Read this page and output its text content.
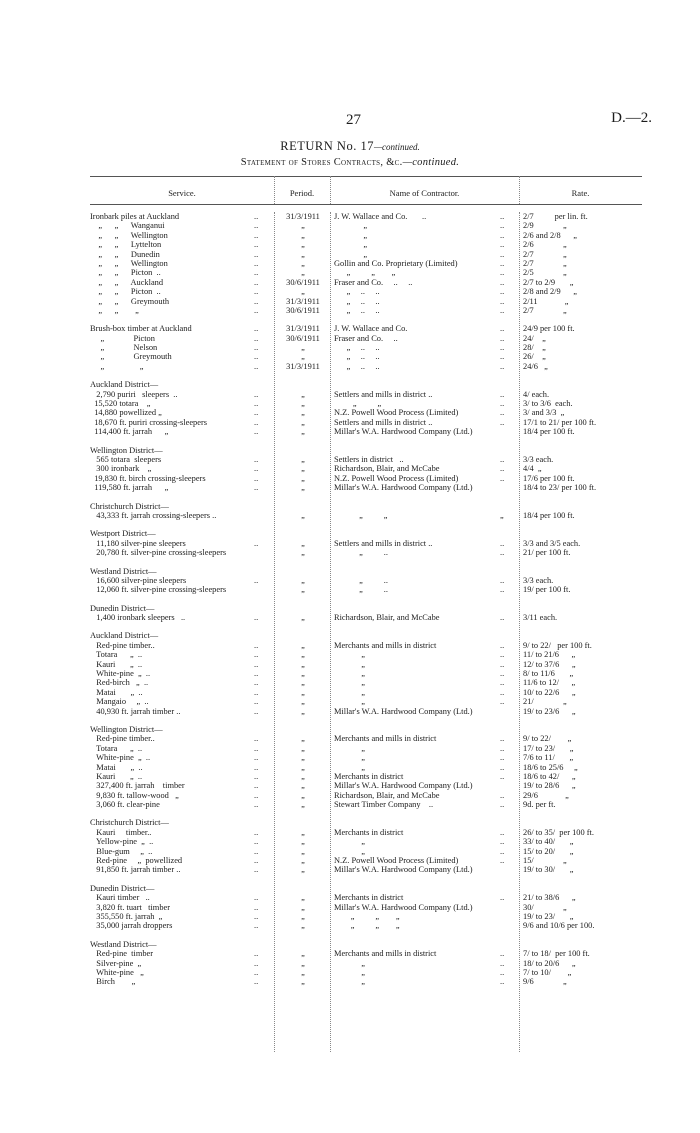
27	D.—2.
RETURN No. 17—continued.
Statement of Stores Contracts, &c.—continued.
Service.	Period.	Name of Contractor.	Rate.
Ironbark piles at Auckland	..	31/3/1911	J. W. Wallace and Co.       ..	..	2/7          per lin. ft.
„      „      Wanganui	..	„	„	..	2/9              „
„      „      Wellington	..	„	„	..	2/6 and 2/8      „
„      „      Lyttelton	..	„	„	..	2/6              „
„      „      Dunedin	..	„	„	..	2/7              „
„      „      Wellington	..	„	Gollin and Co. Proprietary (Limited)	..	2/7              „
„      „      Picton  ..	..	„	„          „        „	..	2/5              „
„      „      Auckland	..	30/6/1911	Fraser and Co.     ..     ..	..	2/7 to 2/9       „
„      „      Picton  ..	..	„	„     ..     ..	..	2/8 and 2/9      „
„      „      Greymouth	..	31/3/1911	„     ..     ..	..	2/11             „
„      „        „	..	30/6/1911	„     ..     ..	..	2/7              „
Brush-box timber at Auckland	..	31/3/1911	J. W. Wallace and Co.	..	24/9 per 100 ft.
„              Picton	..	30/6/1911	Fraser and Co.     ..	..	24/    „
„              Nelson	..	„	„     ..     ..	..	28/    „
„              Greymouth	..	„	„     ..     ..	..	26/    „
„                 „	..	31/3/1911	„     ..     ..	..	24/6   „
Auckland District—
2,790 puriri   sleepers  ..	..	„	Settlers and mills in district ..	..	4/ each.
15,520 totara    „	..	„	„          „	..	3/ to 3/6  each.
14,880 powellized „	..	„	N.Z. Powell Wood Process (Limited)	..	3/ and 3/3  „
18,670 ft. puriri crossing-sleepers	..	„	Settlers and mills in district ..	..	17/1 to 21/ per 100 ft.
114,400 ft. jarrah      „	..	„	Millar's W.A. Hardwood Company (Ltd.)	18/4 per 100 ft.
Wellington District—
565 totara  sleepers	..	„	Settlers in district   ..	..	3/3 each.
300 ironbark    „	..	„	Richardson, Blair, and McCabe	..	4/4  „
19,830 ft. birch crossing-sleepers	..	„	N.Z. Powell Wood Process (Limited)	..	17/6 per 100 ft.
119,580 ft. jarrah      „	..	„	Millar's W.A. Hardwood Company (Ltd.)	18/4 to 23/ per 100 ft.
Christchurch District—
43,333 ft. jarrah crossing-sleepers ..	„	„          „	„	18/4 per 100 ft.
Westport District—
11,180 silver-pine sleepers	..	„	Settlers and mills in district ..	..	3/3 and 3/5 each.
20,780 ft. silver-pine crossing-sleepers	„	„          ..	..	21/ per 100 ft.
Westland District—
16,600 silver-pine sleepers	..	„	„          ..	..	3/3 each.
12,060 ft. silver-pine crossing-sleepers	„	„          ..	..	19/ per 100 ft.
Dunedin District—
1,400 ironbark sleepers   ..	..	„	Richardson, Blair, and McCabe	..	3/11 each.
Auckland District—
Red-pine timber..	..	„	Merchants and mills in district	..	9/ to 22/   per 100 ft.
Totara      „  ..	..	„	„	..	11/ to 21/6      „
Kauri       „  ..	..	„	„	..	12/ to 37/6      „
White-pine  „  ..	..	„	„	..	8/ to 11/6       „
Red-birch   „  ..	..	„	„	..	11/6 to 12/      „
Matai       „  ..	..	„	„	..	10/ to 22/6      „
Mangaio     „  ..	..	„	„	..	21/              „
40,930 ft. jarrah timber ..	..	„	Millar's W.A. Hardwood Company (Ltd.)	19/ to 23/6      „
Wellington District—
Red-pine timber..	..	„	Merchants and mills in district	..	9/ to 22/        „
Totara      „  ..	..	„	„	..	17/ to 23/       „
White-pine  „  ..	..	„	„	..	7/6 to 11/       „
Matai       „  ..	..	„	„	..	18/6 to 25/6     „
Kauri       „  ..	..	„	Merchants in district	..	18/6 to 42/      „
327,400 ft. jarrah    timber	..	„	Millar's W.A. Hardwood Company (Ltd.)	19/ to 28/6      „
9,830 ft. tallow-wood   „	..	„	Richardson, Blair, and McCabe	..	29/6             „
3,060 ft. clear-pine	..	„	Stewart Timber Company    ..	..	9d. per ft.
Christchurch District—
Kauri     timber..	..	„	Merchants in district	..	26/ to 35/  per 100 ft.
Yellow-pine  „  ..	..	„	„	..	33/ to 40/       „
Blue-gum     „  ..	..	„	„	..	15/ to 20/       „
Red-pine     „  powellized	..	„	N.Z. Powell Wood Process (Limited)	..	15/              „
91,850 ft. jarrah timber ..	..	„	Millar's W.A. Hardwood Company (Ltd.)	19/ to 30/       „
Dunedin District—
Kauri timber   ..	..	„	Merchants in district	..	21/ to 38/6      „
3,820 ft. tuart   timber	..	„	Millar's W.A. Hardwood Company (Ltd.)	30/              „
355,550 ft. jarrah  „	..	„	„          „        „	19/ to 23/       „
35,000 jarrah droppers	..	„	„          „        „	9/6 and 10/6 per 100.
Westland District—
Red-pine  timber	..	„	Merchants and mills in district	..	7/ to 18/  per 100 ft.
Silver-pine  „	..	„	„	..	18/ to 20/6      „
White-pine   „	..	„	„	..	7/ to 10/        „
Birch        „	..	„	„	..	9/6              „
